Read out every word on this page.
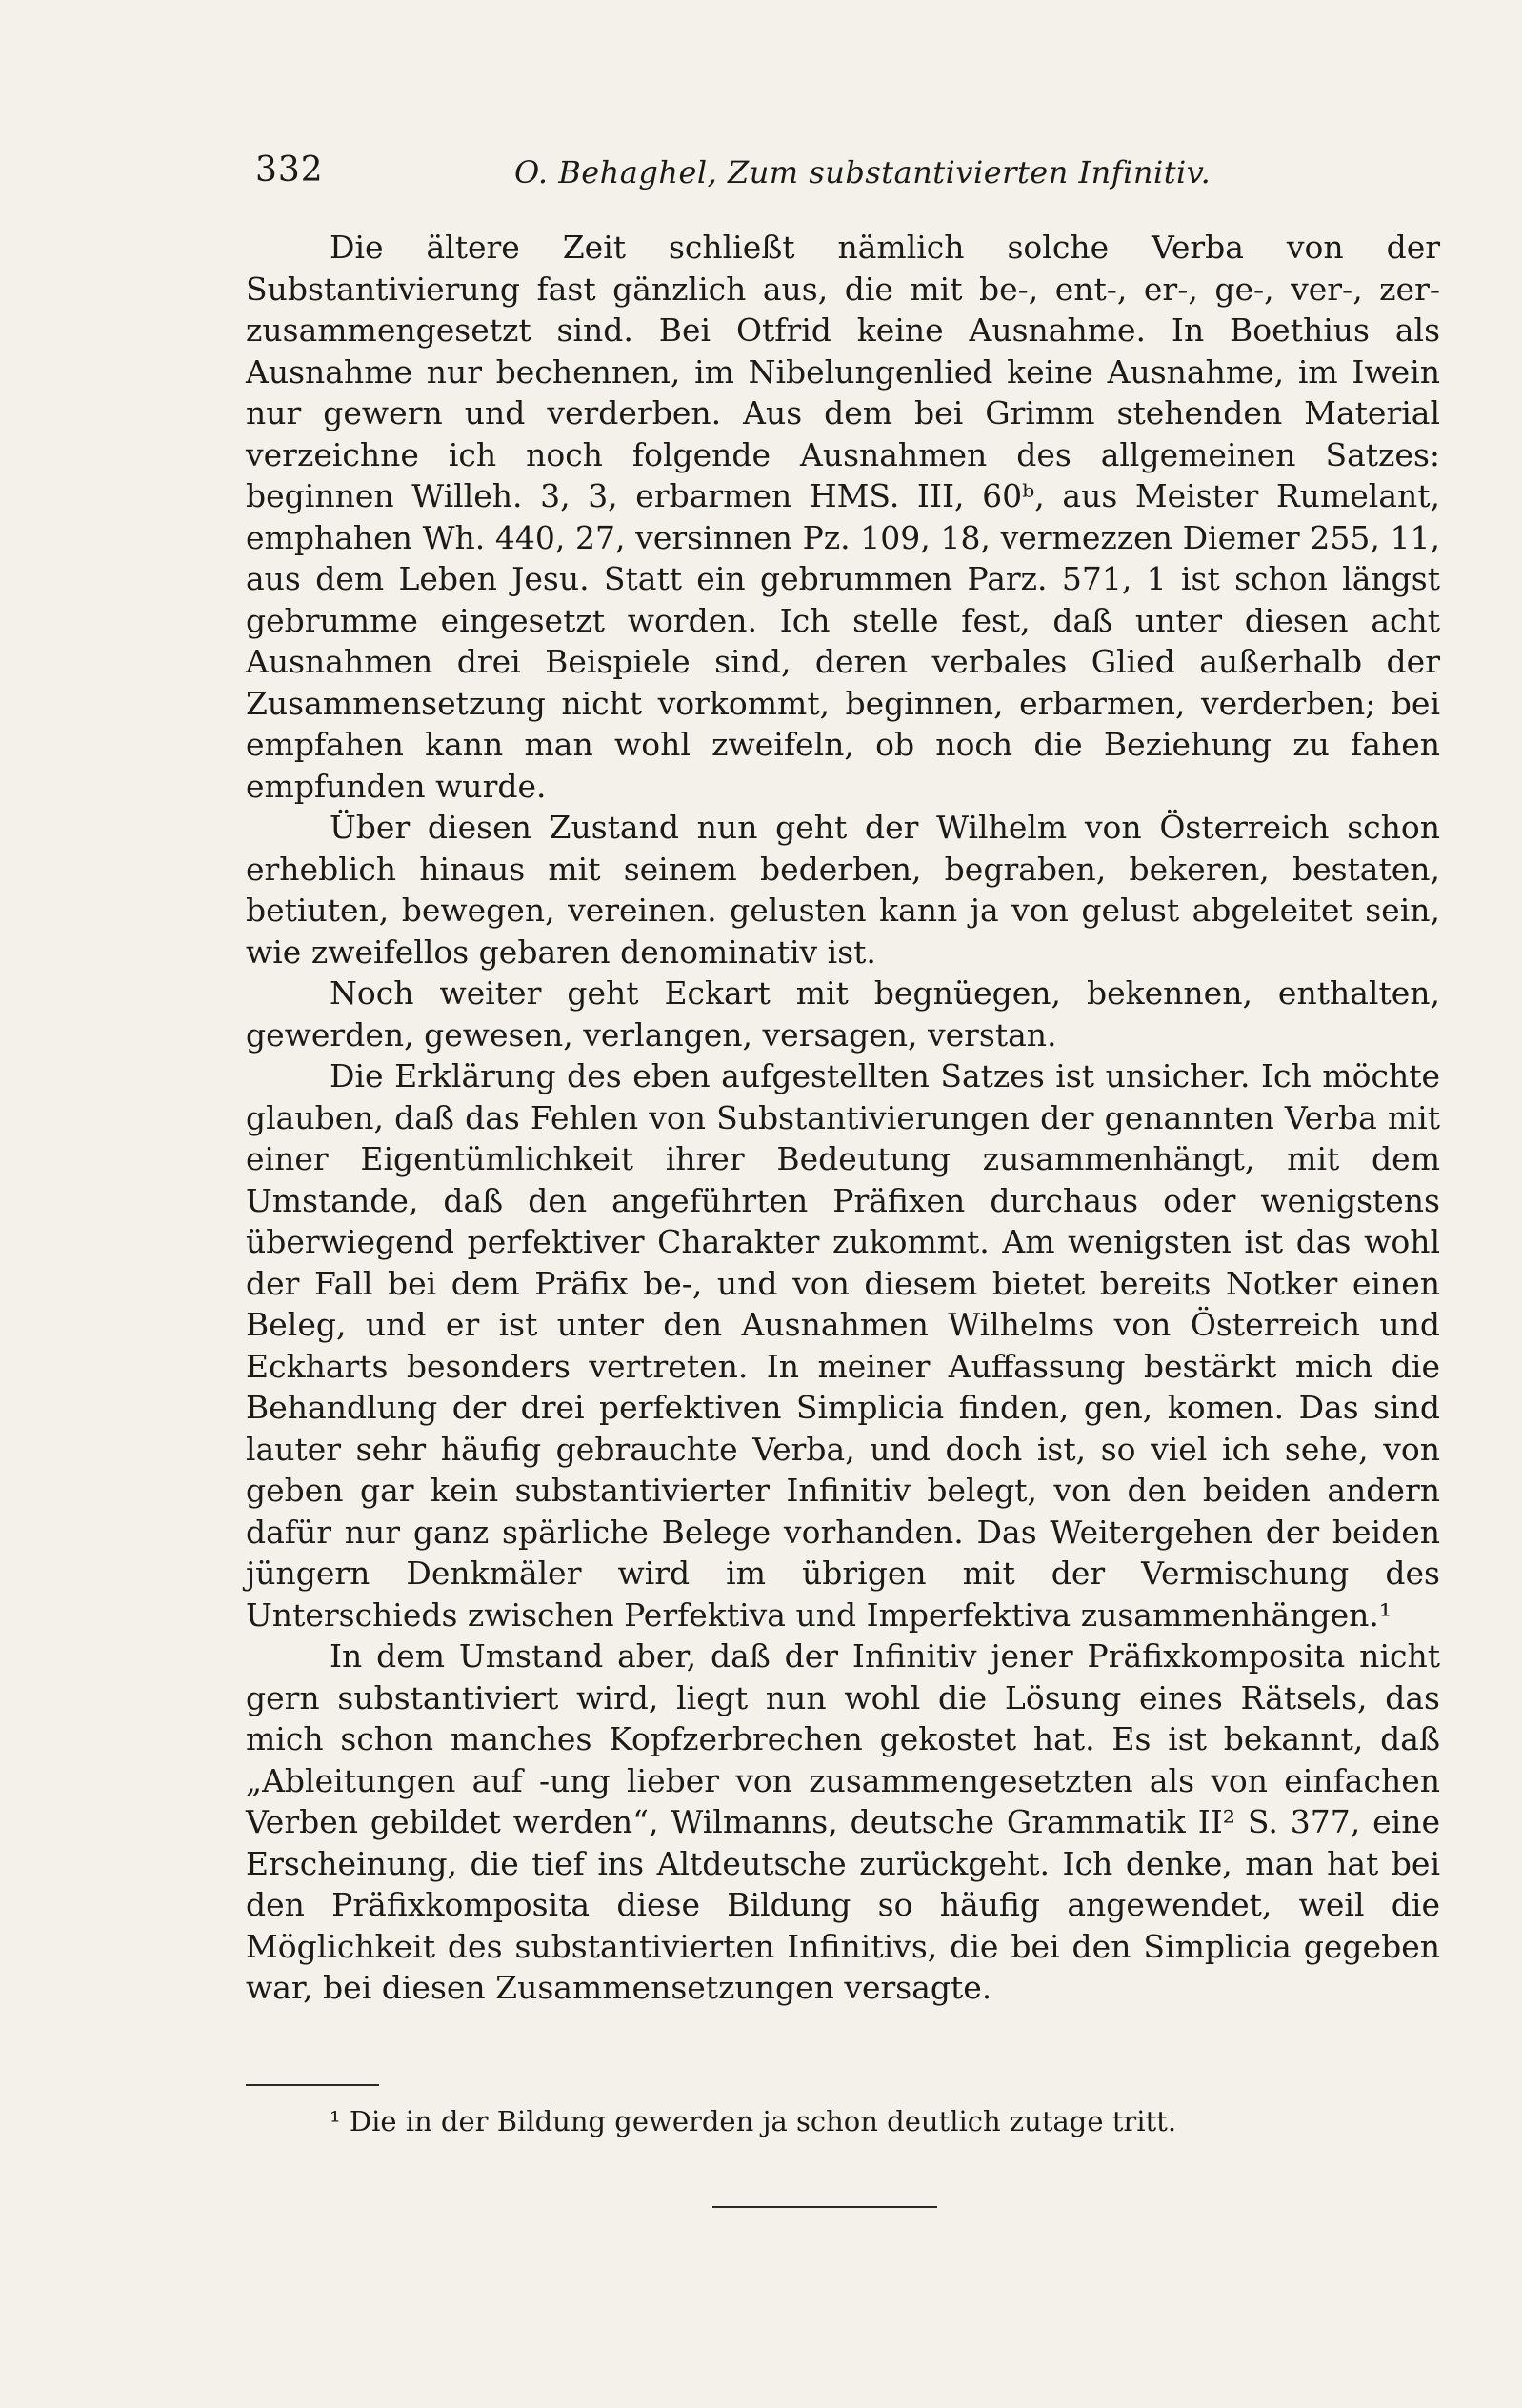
332	O. Behaghel, Zum substantivierten Infinitiv.

Die ältere Zeit schließt nämlich solche Verba von der Substantivierung fast gänzlich aus, die mit be-, ent-, er-, ge-, ver-, zer- zusammengesetzt sind. Bei Otfrid keine Ausnahme. In Boethius als Ausnahme nur bechennen, im Nibelungenlied keine Ausnahme, im Iwein nur gewern und verderben. Aus dem bei Grimm stehenden Material verzeichne ich noch folgende Ausnahmen des allgemeinen Satzes: beginnen Willeh. 3, 3, erbarmen HMS. III, 60ᵇ, aus Meister Rumelant, emphahen Wh. 440, 27, versinnen Pz. 109, 18, vermezzen Diemer 255, 11, aus dem Leben Jesu. Statt ein gebrummen Parz. 571, 1 ist schon längst gebrumme eingesetzt worden. Ich stelle fest, daß unter diesen acht Ausnahmen drei Beispiele sind, deren verbales Glied außerhalb der Zusammensetzung nicht vorkommt, beginnen, erbarmen, verderben; bei empfahen kann man wohl zweifeln, ob noch die Beziehung zu fahen empfunden wurde.

Über diesen Zustand nun geht der Wilhelm von Österreich schon erheblich hinaus mit seinem bederben, begraben, bekeren, bestaten, betiuten, bewegen, vereinen. gelusten kann ja von gelust abgeleitet sein, wie zweifellos gebaren denominativ ist.

Noch weiter geht Eckart mit begnüegen, bekennen, enthalten, gewerden, gewesen, verlangen, versagen, verstan.

Die Erklärung des eben aufgestellten Satzes ist unsicher. Ich möchte glauben, daß das Fehlen von Substantivierungen der genannten Verba mit einer Eigentümlichkeit ihrer Bedeutung zusammenhängt, mit dem Umstande, daß den angeführten Präfixen durchaus oder wenigstens überwiegend perfektiver Charakter zukommt. Am wenigsten ist das wohl der Fall bei dem Präfix be-, und von diesem bietet bereits Notker einen Beleg, und er ist unter den Ausnahmen Wilhelms von Österreich und Eckharts besonders vertreten. In meiner Auffassung bestärkt mich die Behandlung der drei perfektiven Simplicia finden, gen, komen. Das sind lauter sehr häufig gebrauchte Verba, und doch ist, so viel ich sehe, von geben gar kein substantivierter Infinitiv belegt, von den beiden andern dafür nur ganz spärliche Belege vorhanden. Das Weitergehen der beiden jüngern Denkmäler wird im übrigen mit der Vermischung des Unterschieds zwischen Perfektiva und Imperfektiva zusammenhängen.¹

In dem Umstand aber, daß der Infinitiv jener Präfixkomposita nicht gern substantiviert wird, liegt nun wohl die Lösung eines Rätsels, das mich schon manches Kopfzerbrechen gekostet hat. Es ist bekannt, daß „Ableitungen auf -ung lieber von zusammengesetzten als von einfachen Verben gebildet werden“, Wilmanns, deutsche Grammatik II² S. 377, eine Erscheinung, die tief ins Altdeutsche zurückgeht. Ich denke, man hat bei den Präfixkomposita diese Bildung so häufig angewendet, weil die Möglichkeit des substantivierten Infinitivs, die bei den Simplicia gegeben war, bei diesen Zusammensetzungen versagte.

¹ Die in der Bildung gewerden ja schon deutlich zutage tritt.
